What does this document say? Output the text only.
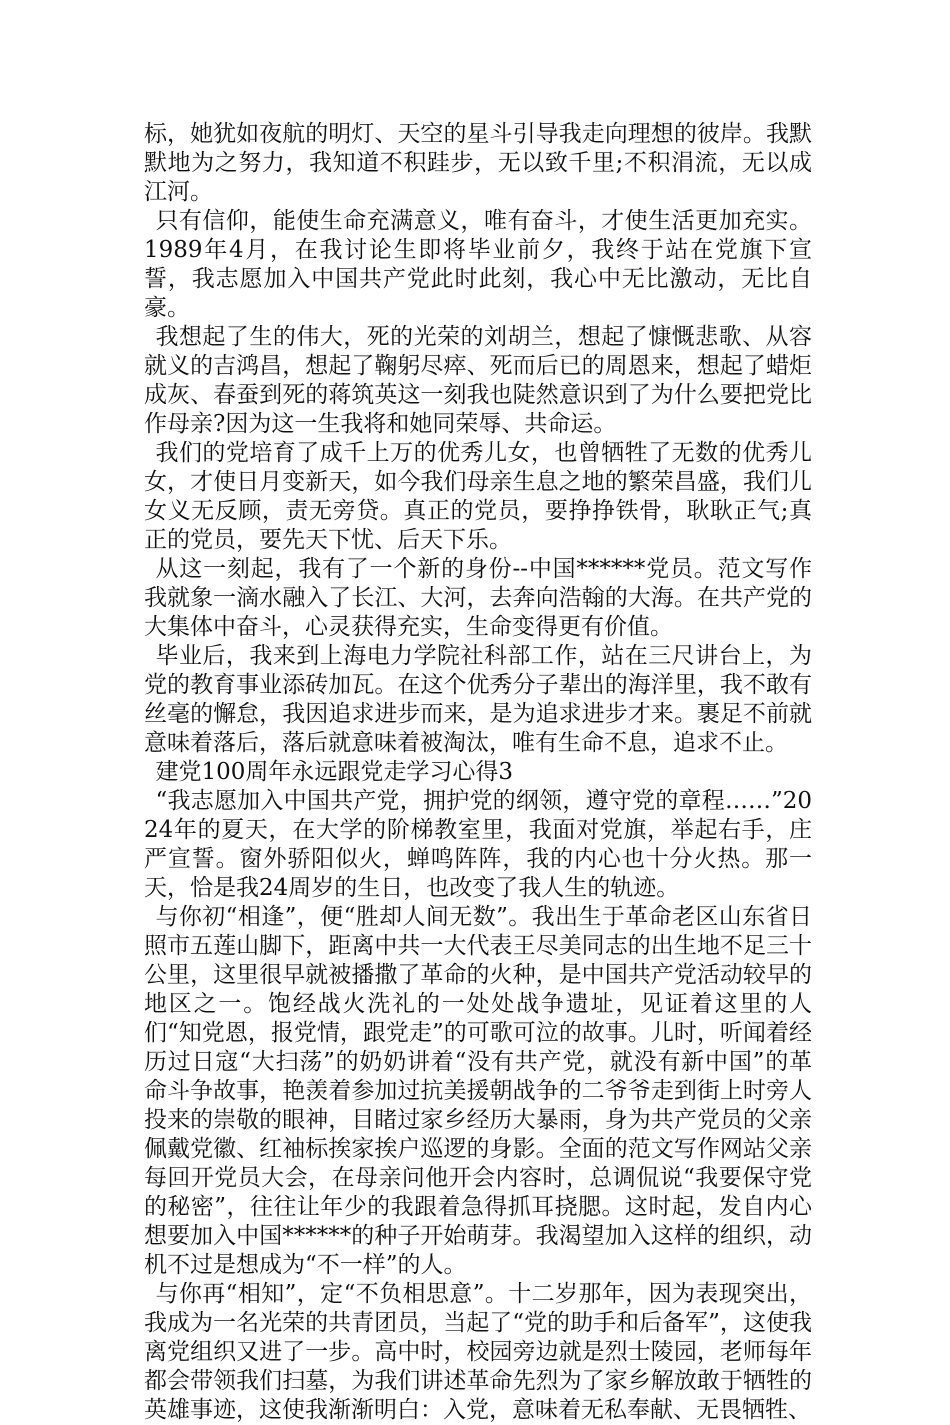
标，她犹如夜航的明灯、天空的星斗引导我走向理想的彼岸。我默默地为之努力，我知道不积跬步，无以致千里;不积涓流，无以成江河。

只有信仰，能使生命充满意义，唯有奋斗，才使生活更加充实。1989年4月，在我讨论生即将毕业前夕，我终于站在党旗下宣誓，我志愿加入中国共产党此时此刻，我心中无比激动，无比自豪。

我想起了生的伟大，死的光荣的刘胡兰，想起了慷慨悲歌、从容就义的吉鸿昌，想起了鞠躬尽瘁、死而后已的周恩来，想起了蜡炬成灰、春蚕到死的蒋筑英这一刻我也陡然意识到了为什么要把党比作母亲?因为这一生我将和她同荣辱、共命运。

我们的党培育了成千上万的优秀儿女，也曾牺牲了无数的优秀儿女，才使日月变新天，如今我们母亲生息之地的繁荣昌盛，我们儿女义无反顾，责无旁贷。真正的党员，要挣挣铁骨，耿耿正气;真正的党员，要先天下忧、后天下乐。

从这一刻起，我有了一个新的身份--中国******党员。范文写作我就象一滴水融入了长江、大河，去奔向浩翰的大海。在共产党的大集体中奋斗，心灵获得充实，生命变得更有价值。

毕业后，我来到上海电力学院社科部工作，站在三尺讲台上，为党的教育事业添砖加瓦。在这个优秀分子辈出的海洋里，我不敢有丝毫的懈怠，我因追求进步而来，是为追求进步才来。裹足不前就意味着落后，落后就意味着被淘汰，唯有生命不息，追求不止。

建党100周年永远跟党走学习心得3

“我志愿加入中国共产党，拥护党的纲领，遵守党的章程……”2024年的夏天，在大学的阶梯教室里，我面对党旗，举起右手，庄严宣誓。窗外骄阳似火，蝉鸣阵阵，我的内心也十分火热。那一天，恰是我24周岁的生日，也改变了我人生的轨迹。

与你初“相逢”，便“胜却人间无数”。我出生于革命老区山东省日照市五莲山脚下，距离中共一大代表王尽美同志的出生地不足三十公里，这里很早就被播撒了革命的火种，是中国共产党活动较早的地区之一。饱经战火洗礼的一处处战争遗址，见证着这里的人们“知党恩，报党情，跟党走”的可歌可泣的故事。儿时，听闻着经历过日寇“大扫荡”的奶奶讲着“没有共产党，就没有新中国”的革命斗争故事，艳羡着参加过抗美援朝战争的二爷爷走到街上时旁人投来的崇敬的眼神，目睹过家乡经历大暴雨，身为共产党员的父亲佩戴党徽、红袖标挨家挨户巡逻的身影。全面的范文写作网站父亲每回开党员大会，在母亲问他开会内容时，总调侃说“我要保守党的秘密”，往往让年少的我跟着急得抓耳挠腮。这时起，发自内心想要加入中国******的种子开始萌芽。我渴望加入这样的组织，动机不过是想成为“不一样”的人。

与你再“相知”，定“不负相思意”。十二岁那年，因为表现突出，我成为一名光荣的共青团员，当起了“党的助手和后备军”，这使我离党组织又进了一步。高中时，校园旁边就是烈士陵园，老师每年都会带领我们扫墓，为我们讲述革命先烈为了家乡解放敢于牺牲的英雄事迹，这使我渐渐明白：入党，意味着无私奉献、无畏牺牲、
